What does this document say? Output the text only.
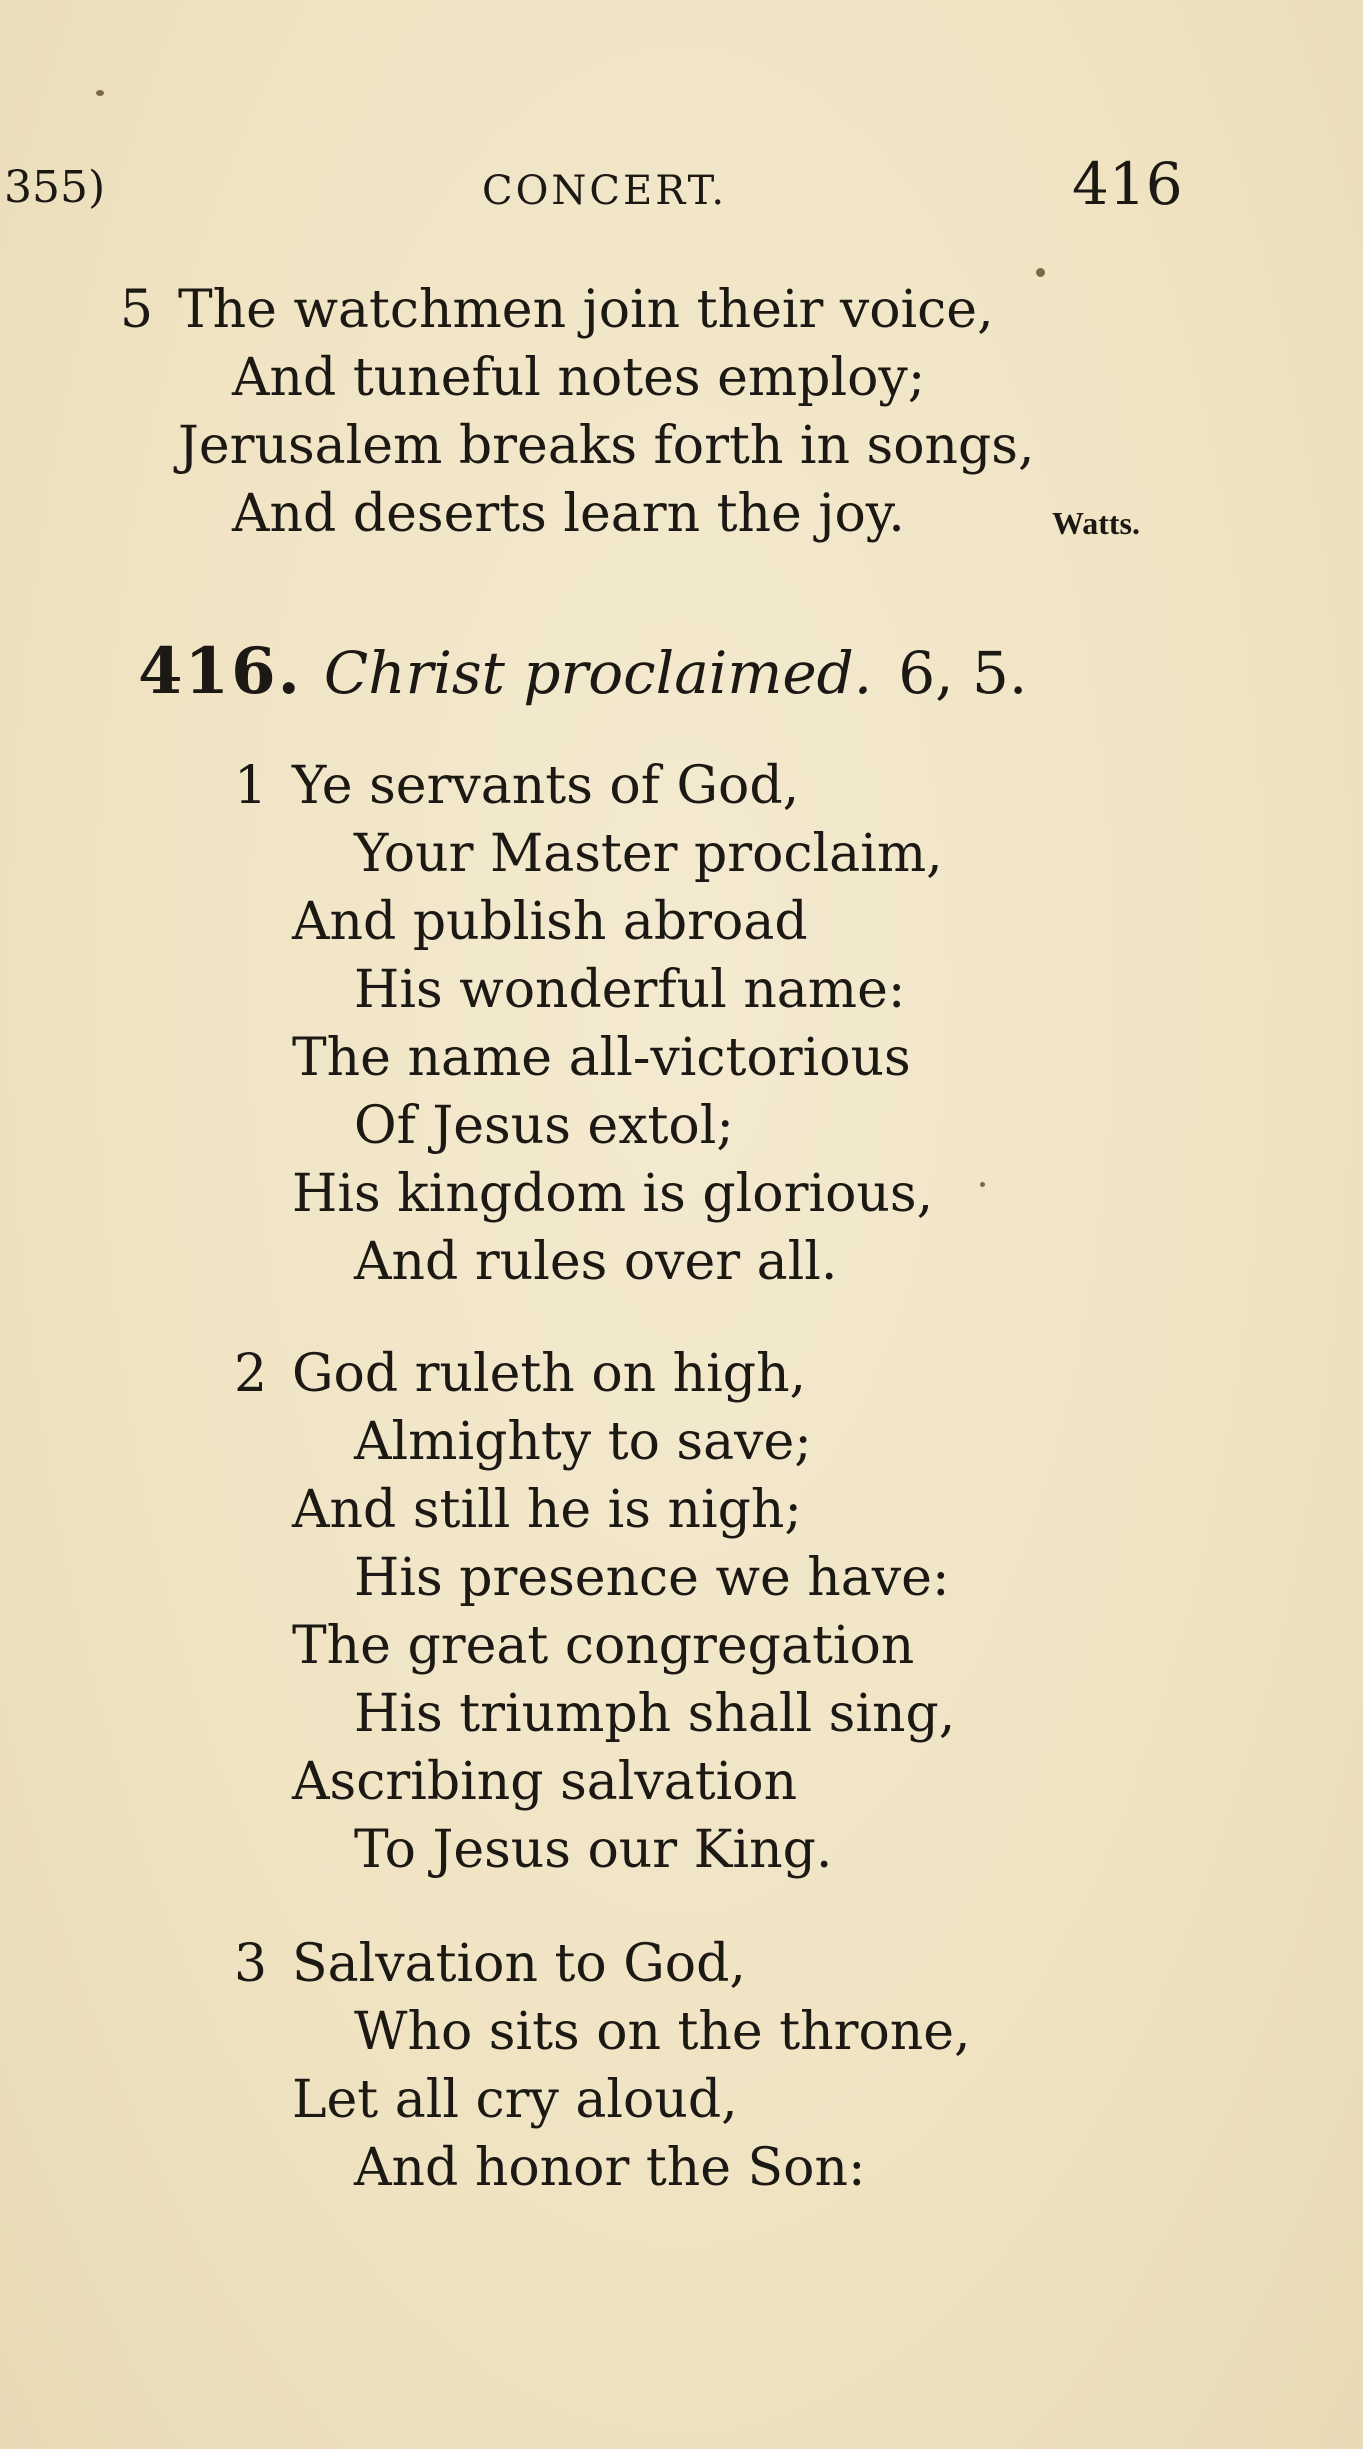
355)	CONCERT.	416
5 The watchmen join their voice,
And tuneful notes employ;
Jerusalem breaks forth in songs,
And deserts learn the joy.	Watts.
416. Christ proclaimed. 6, 5.
1 Ye servants of God,
Your Master proclaim,
And publish abroad
His wonderful name:
The name all-victorious
Of Jesus extol;
His kingdom is glorious,
And rules over all.
2 God ruleth on high,
Almighty to save;
And still he is nigh;
His presence we have:
The great congregation
His triumph shall sing,
Ascribing salvation
To Jesus our King.
3 Salvation to God,
Who sits on the throne,
Let all cry aloud,
And honor the Son:
